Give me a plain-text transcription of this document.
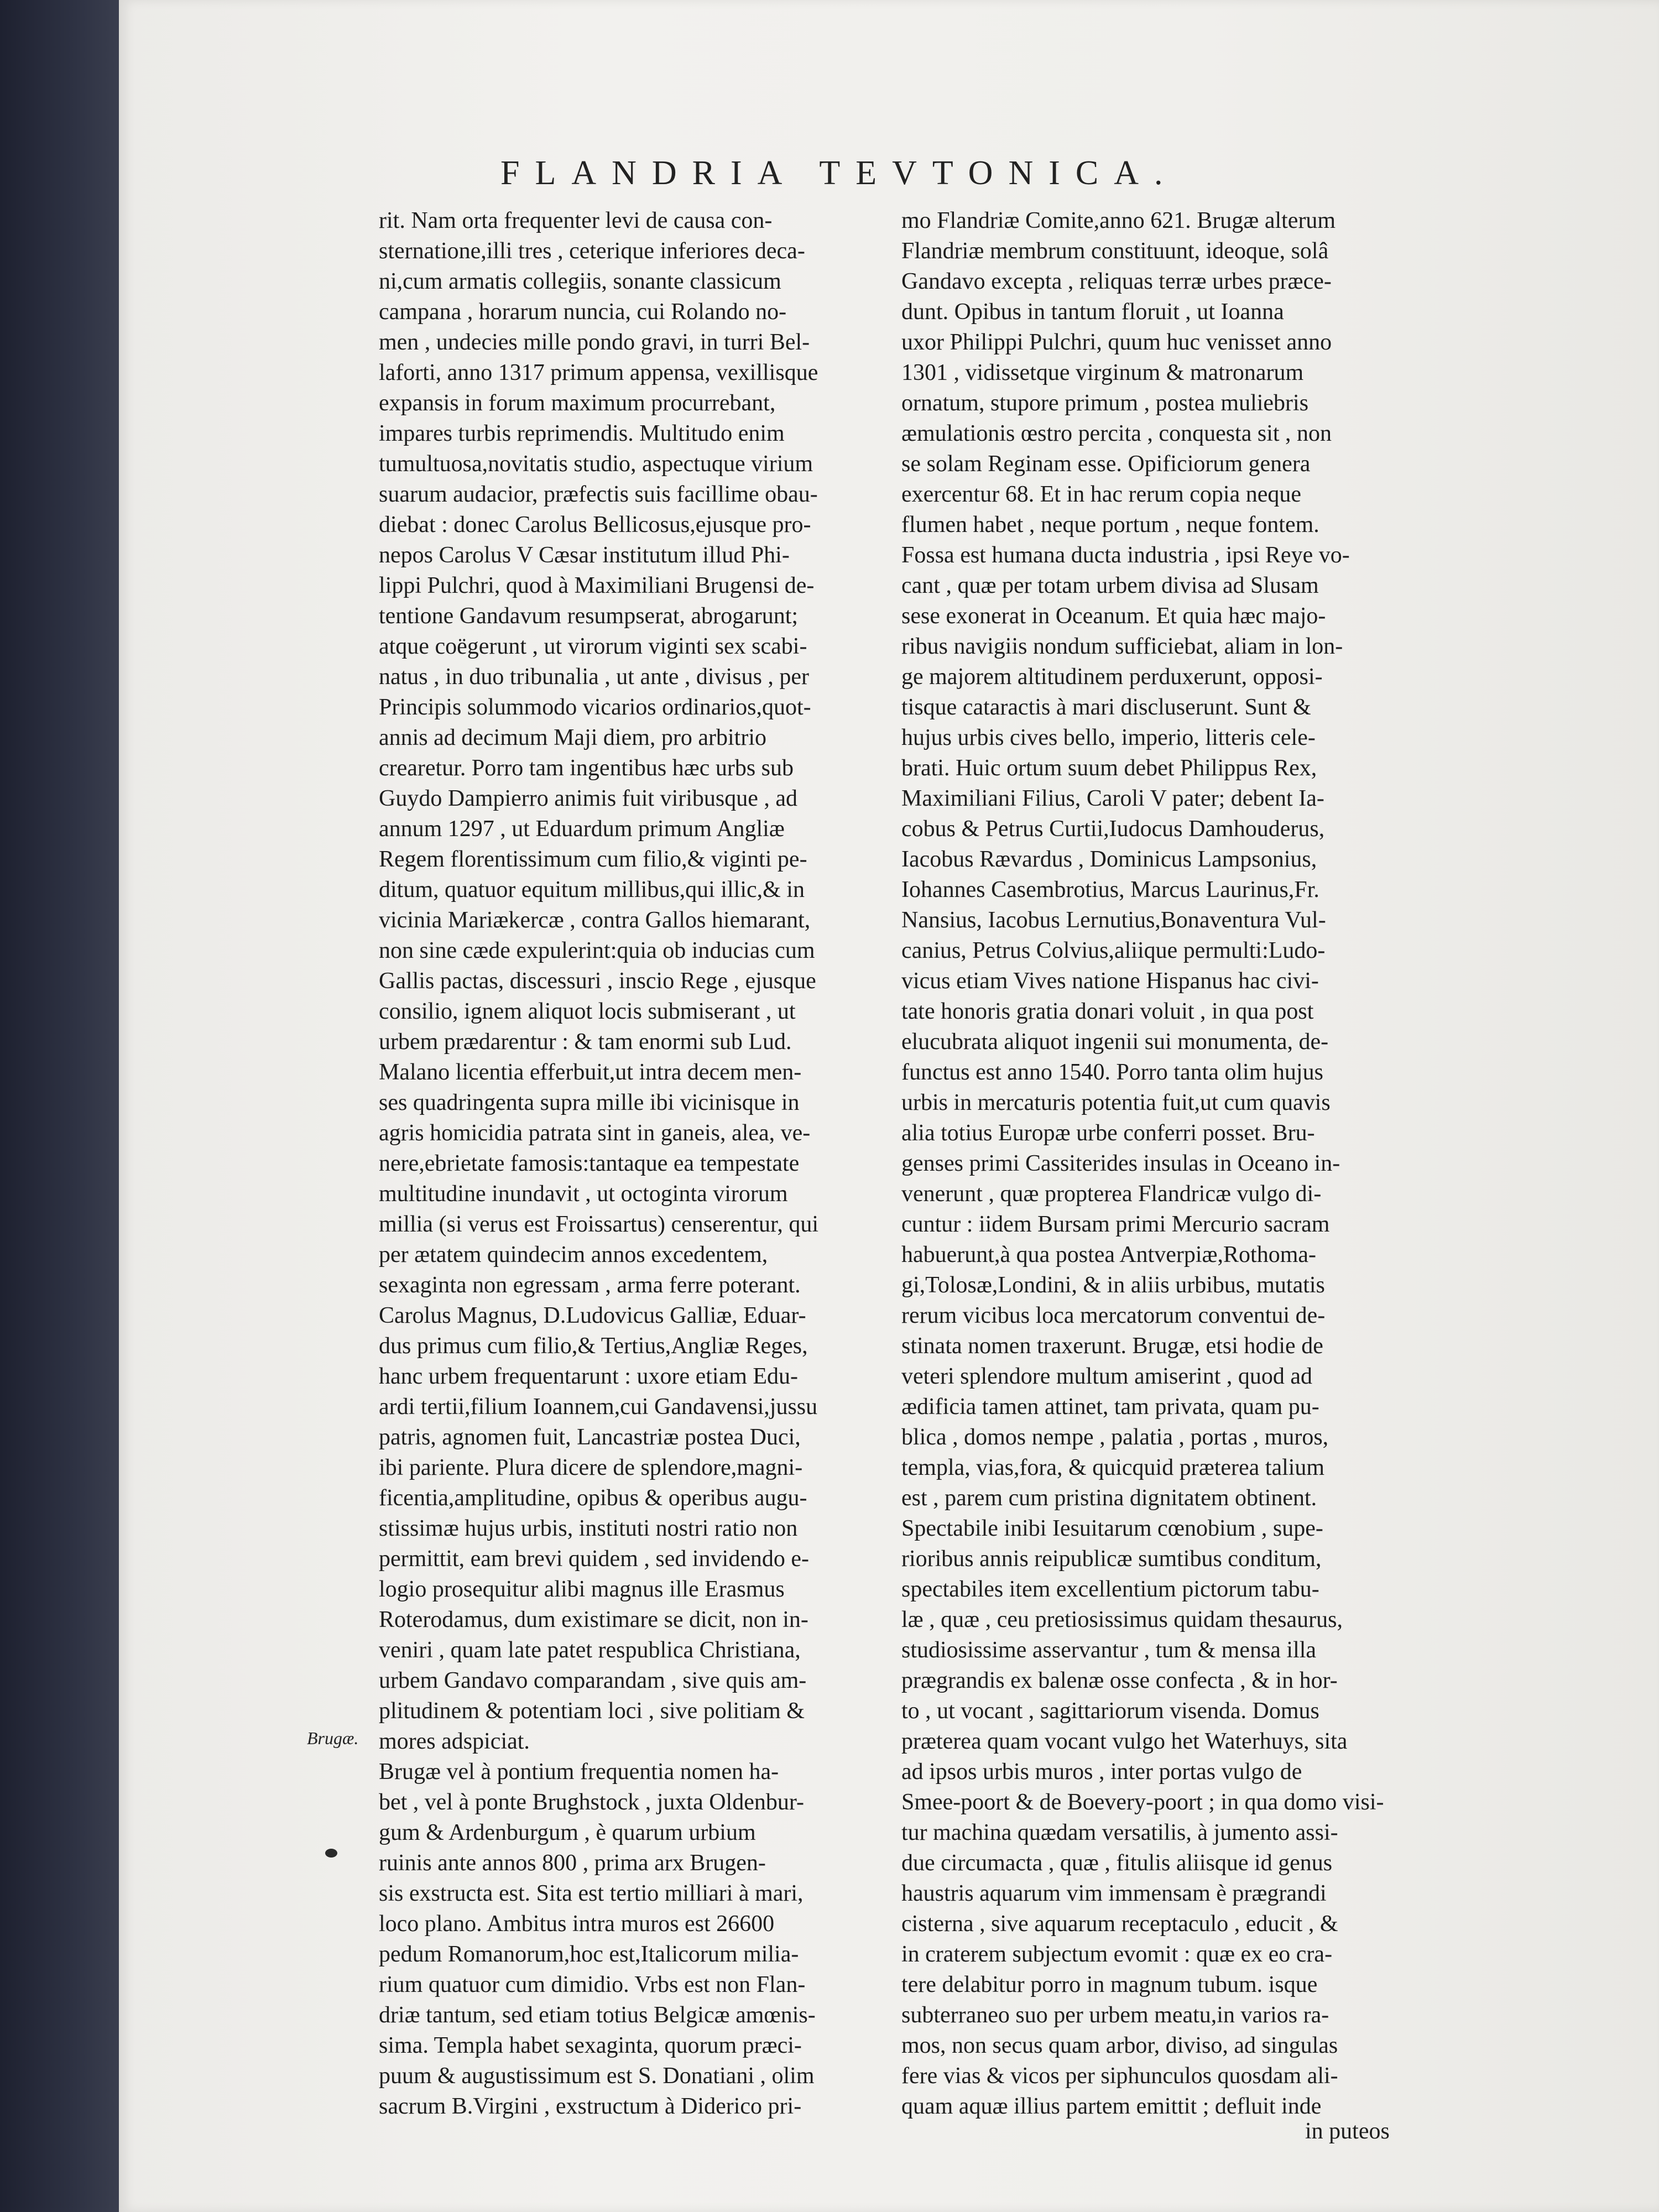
FLANDRIA TEVTONICA.
rit. Nam orta frequenter levi de causa con-
sternatione,illi tres , ceterique inferiores deca-
ni,cum armatis collegiis, sonante classicum
campana , horarum nuncia, cui Rolando no-
men , undecies mille pondo gravi, in turri Bel-
laforti, anno 1317 primum appensa, vexillisque
expansis in forum maximum procurrebant,
impares turbis reprimendis. Multitudo enim
tumultuosa,novitatis studio, aspectuque virium
suarum audacior, præfectis suis facillime obau-
diebat : donec Carolus Bellicosus,ejusque pro-
nepos Carolus V Cæsar institutum illud Phi-
lippi Pulchri, quod à Maximiliani Brugensi de-
tentione Gandavum resumpserat, abrogarunt;
atque coëgerunt , ut virorum viginti sex scabi-
natus , in duo tribunalia , ut ante , divisus , per
Principis solummodo vicarios ordinarios,quot-
annis ad decimum Maji diem, pro arbitrio
crearetur. Porro tam ingentibus hæc urbs sub
Guydo Dampierro animis fuit viribusque , ad
annum 1297 , ut Eduardum primum Angliæ
Regem florentissimum cum filio,& viginti pe-
ditum, quatuor equitum millibus,qui illic,& in
vicinia Mariækercæ , contra Gallos hiemarant,
non sine cæde expulerint:quia ob inducias cum
Gallis pactas, discessuri , inscio Rege , ejusque
consilio, ignem aliquot locis submiserant , ut
urbem prædarentur : & tam enormi sub Lud.
Malano licentia efferbuit,ut intra decem men-
ses quadringenta supra mille ibi vicinisque in
agris homicidia patrata sint in ganeis, alea, ve-
nere,ebrietate famosis:tantaque ea tempestate
multitudine inundavit , ut octoginta virorum
millia (si verus est Froissartus) censerentur, qui
per ætatem quindecim annos excedentem,
sexaginta non egressam , arma ferre poterant.
Carolus Magnus, D.Ludovicus Galliæ, Eduar-
dus primus cum filio,& Tertius,Angliæ Reges,
hanc urbem frequentarunt : uxore etiam Edu-
ardi tertii,filium Ioannem,cui Gandavensi,jussu
patris, agnomen fuit, Lancastriæ postea Duci,
ibi pariente. Plura dicere de splendore,magni-
ficentia,amplitudine, opibus & operibus augu-
stissimæ hujus urbis, instituti nostri ratio non
permittit, eam brevi quidem , sed invidendo e-
logio prosequitur alibi magnus ille Erasmus
Roterodamus, dum existimare se dicit, non in-
veniri , quam late patet respublica Christiana,
urbem Gandavo comparandam , sive quis am-
plitudinem & potentiam loci , sive politiam &
mores adspiciat.
Brugæ vel à pontium frequentia nomen ha-
bet , vel à ponte Brughstock , juxta Oldenbur-
gum & Ardenburgum , è quarum urbium
ruinis ante annos 800 , prima arx Brugen-
sis exstructa est. Sita est tertio milliari à mari,
loco plano. Ambitus intra muros est 26600
pedum Romanorum,hoc est,Italicorum milia-
rium quatuor cum dimidio. Vrbs est non Flan-
driæ tantum, sed etiam totius Belgicæ amœnis-
sima. Templa habet sexaginta, quorum præci-
puum & augustissimum est S. Donatiani , olim
sacrum B.Virgini , exstructum à Diderico pri-
mo Flandriæ Comite,anno 621. Brugæ alterum
Flandriæ membrum constituunt, ideoque, solâ
Gandavo excepta , reliquas terræ urbes præce-
dunt. Opibus in tantum floruit , ut Ioanna
uxor Philippi Pulchri, quum huc venisset anno
1301 , vidissetque virginum & matronarum
ornatum, stupore primum , postea muliebris
æmulationis œstro percita , conquesta sit , non
se solam Reginam esse. Opificiorum genera
exercentur 68. Et in hac rerum copia neque
flumen habet , neque portum , neque fontem.
Fossa est humana ducta industria , ipsi Reye vo-
cant , quæ per totam urbem divisa ad Slusam
sese exonerat in Oceanum. Et quia hæc majo-
ribus navigiis nondum sufficiebat, aliam in lon-
ge majorem altitudinem perduxerunt, opposi-
tisque cataractis à mari discluserunt. Sunt &
hujus urbis cives bello, imperio, litteris cele-
brati. Huic ortum suum debet Philippus Rex,
Maximiliani Filius, Caroli V pater; debent Ia-
cobus & Petrus Curtii,Iudocus Damhouderus,
Iacobus Rævardus , Dominicus Lampsonius,
Iohannes Casembrotius, Marcus Laurinus,Fr.
Nansius, Iacobus Lernutius,Bonaventura Vul-
canius, Petrus Colvius,aliique permulti:Ludo-
vicus etiam Vives natione Hispanus hac civi-
tate honoris gratia donari voluit , in qua post
elucubrata aliquot ingenii sui monumenta, de-
functus est anno 1540. Porro tanta olim hujus
urbis in mercaturis potentia fuit,ut cum quavis
alia totius Europæ urbe conferri posset. Bru-
genses primi Cassiterides insulas in Oceano in-
venerunt , quæ propterea Flandricæ vulgo di-
cuntur : iidem Bursam primi Mercurio sacram
habuerunt,à qua postea Antverpiæ,Rothoma-
gi,Tolosæ,Londini, & in aliis urbibus, mutatis
rerum vicibus loca mercatorum conventui de-
stinata nomen traxerunt. Brugæ, etsi hodie de
veteri splendore multum amiserint , quod ad
ædificia tamen attinet, tam privata, quam pu-
blica , domos nempe , palatia , portas , muros,
templa, vias,fora, & quicquid præterea talium
est , parem cum pristina dignitatem obtinent.
Spectabile inibi Iesuitarum cœnobium , supe-
rioribus annis reipublicæ sumtibus conditum,
spectabiles item excellentium pictorum tabu-
læ , quæ , ceu pretiosissimus quidam thesaurus,
studiosissime asservantur , tum & mensa illa
prægrandis ex balenæ osse confecta , & in hor-
to , ut vocant , sagittariorum visenda. Domus
præterea quam vocant vulgo het Waterhuys, sita
ad ipsos urbis muros , inter portas vulgo de
Smee-poort & de Boevery-poort ; in qua domo visi-
tur machina quædam versatilis, à jumento assi-
due circumacta , quæ , fitulis aliisque id genus
haustris aquarum vim immensam è prægrandi
cisterna , sive aquarum receptaculo , educit , &
in craterem subjectum evomit : quæ ex eo cra-
tere delabitur porro in magnum tubum. isque
subterraneo suo per urbem meatu,in varios ra-
mos, non secus quam arbor, diviso, ad singulas
fere vias & vicos per siphunculos quosdam ali-
quam aquæ illius partem emittit ; defluit inde
Brugæ.
in puteos
